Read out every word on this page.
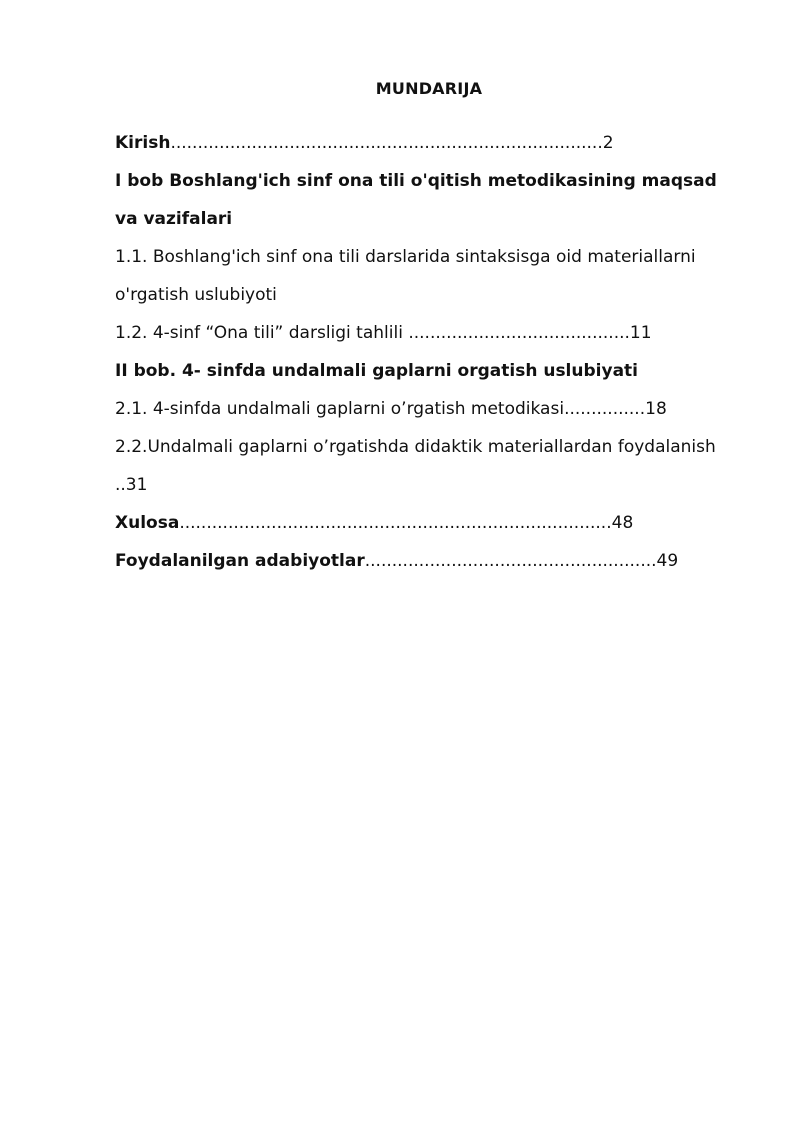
MUNDARIJA

Kirish................................................................................2

I bob Boshlang'ich sinf ona tili o'qitish metodikasining maqsad va vazifalari

1.1. Boshlang'ich sinf ona tili darslarida sintaksisga oid materiallarni o'rgatish uslubiyoti

1.2. 4-sinf “Ona tili” darsligi tahlili .........................................11

II bob. 4- sinfda undalmali gaplarni orgatish uslubiyati

2.1. 4-sinfda undalmali gaplarni o’rgatish metodikasi...............18

2.2.Undalmali gaplarni o’rgatishda didaktik materiallardan foydalanish
..31

Xulosa................................................................................48

Foydalanilgan adabiyotlar......................................................49
